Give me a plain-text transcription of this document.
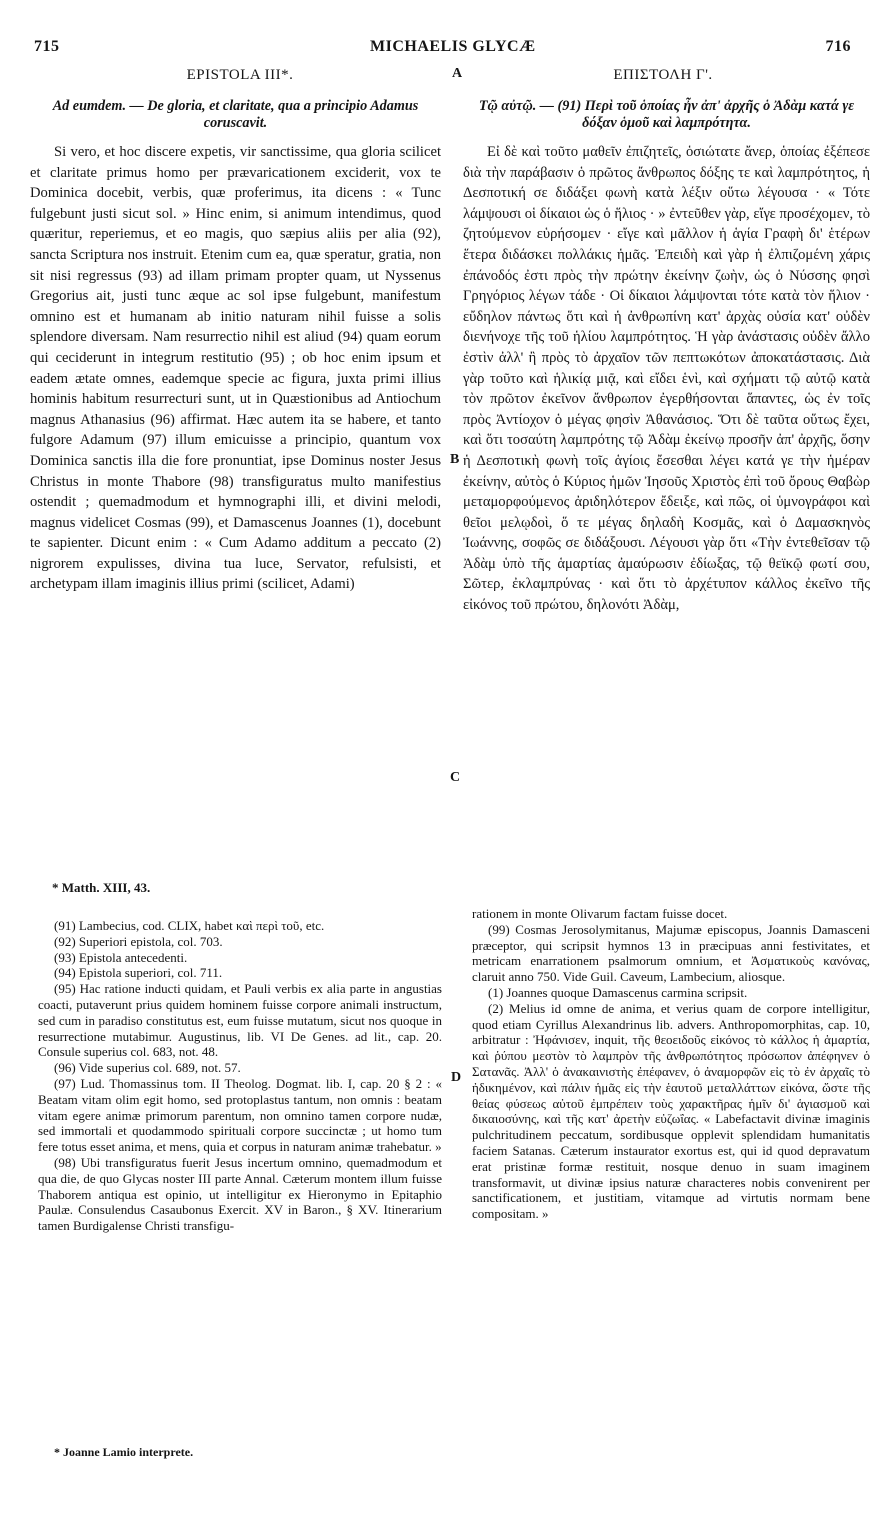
715	MICHAELIS GLYCÆ	716
EPISTOLA III*.	A	ΕΠΙΣΤΟΛΗ Γ'.
Ad eumdem. — De gloria, et claritate, qua a principio Adamus coruscavit.
Si vero, et hoc discere expetis, vir sanctissime, qua gloria scilicet et claritate primus homo per prævaricationem exciderit, vox te Dominica docebit, verbis, quæ proferimus, ita dicens : « Tunc fulgebunt justi sicut sol. » Hinc enim, si animum intendimus, quod quæritur, reperiemus, et eo magis, quo sæpius aliis per alia (92), sancta Scriptura nos instruit. Etenim cum ea, quæ speratur, gratia, non sit nisi regressus (93) ad illam primam propter quam, ut Nyssenus Gregorius ait, justi tunc æque ac sol ipse fulgebunt, manifestum omnino est et humanam ab initio naturam nihil fuisse a solis splendore diversam. Nam resurrectio nihil est aliud (94) quam eorum qui ceciderunt in integrum restitutio (95) ; ob hoc enim ipsum et eadem ætate omnes, eademque specie ac figura, juxta primi illius hominis habitum resurrecturi sunt, ut in Quæstionibus ad Antiochum magnus Athanasius (96) affirmat. Hæc autem ita se habere, et tanto fulgore Adamum (97) illum emicuisse a principio, quantum vox Dominica sanctis illa die fore pronuntiat, ipse Dominus noster Jesus Christus in monte Thabore (98) transfiguratus multo manifestius ostendit ; quemadmodum et hymnographi illi, et divini melodi, magnus videlicet Cosmas (99), et Damascenus Joannes (1), docebunt te sapienter. Dicunt enim : « Cum Adamo additum a peccato (2) nigrorem expulisses, divina tua luce, Servator, refulsisti, et archetypam illam imaginis illius primi (scilicet, Adami)
Τῷ αὐτῷ. — (91) Περὶ τοῦ ὁποίας ἦν ἀπ' ἀρχῆς ὁ Ἀδὰμ κατά γε δόξαν ὁμοῦ καὶ λαμπρότητα.
Εἰ δὲ καὶ τοῦτο μαθεῖν ἐπιζητεῖς, ὁσιώτατε ἄνερ, ὁποίας ἐξέπεσε διὰ τὴν παράβασιν ὁ πρῶτος ἄνθρωπος δόξης τε καὶ λαμπρότητος, ἡ Δεσποτική σε διδάξει φωνὴ κατὰ λέξιν οὕτω λέγουσα · « Τότε λάμψουσι οἱ δίκαιοι ὡς ὁ ἥλιος · » ἐντεῦθεν γὰρ, εἴγε προσέχομεν, τὸ ζητούμενον εὑρήσομεν · εἴγε καὶ μᾶλλον ἡ ἁγία Γραφὴ δι' ἑτέρων ἕτερα διδάσκει πολλάκις ἡμᾶς. Ἐπειδὴ καὶ γὰρ ἡ ἐλπιζομένη χάρις ἐπάνοδός ἐστι πρὸς τὴν πρώτην ἐκείνην ζωὴν, ὡς ὁ Νύσσης φησὶ Γρηγόριος λέγων τάδε · Οἱ δίκαιοι λάμψονται τότε κατὰ τὸν ἥλιον · εὔδηλον πάντως ὅτι καὶ ἡ ἀνθρωπίνη κατ' ἀρχὰς οὐσία κατ' οὐδὲν διενήνοχε τῆς τοῦ ἡλίου λαμπρότητος. Ἡ γὰρ ἀνάστασις οὐδὲν ἄλλο ἐστὶν ἀλλ' ἢ πρὸς τὸ ἀρχαῖον τῶν πεπτωκότων ἀποκατάστασις. Διὰ γὰρ τοῦτο καὶ ἡλικίᾳ μιᾷ, καὶ εἴδει ἑνὶ, καὶ σχήματι τῷ αὐτῷ κατὰ τὸν πρῶτον ἐκεῖνον ἄνθρωπον ἐγερθήσονται ἅπαντες, ὡς ἐν τοῖς πρὸς Ἀντίοχον ὁ μέγας φησὶν Ἀθανάσιος. Ὅτι δὲ ταῦτα οὕτως ἔχει, καὶ ὅτι τοσαύτη λαμπρότης τῷ Ἀδὰμ ἐκείνῳ προσῆν ἀπ' ἀρχῆς, ὅσην ἡ Δεσποτικὴ φωνὴ τοῖς ἁγίοις ἔσεσθαι λέγει κατά γε τὴν ἡμέραν ἐκείνην, αὐτὸς ὁ Κύριος ἡμῶν Ἰησοῦς Χριστὸς ἐπὶ τοῦ ὄρους Θαβὼρ μεταμορφούμενος ἀριδηλότερον ἔδειξε, καὶ πῶς, οἱ ὑμνογράφοι καὶ θεῖοι μελῳδοὶ, ὅ τε μέγας δηλαδὴ Κοσμᾶς, καὶ ὁ Δαμασκηνὸς Ἰωάννης, σοφῶς σε διδάξουσι. Λέγουσι γὰρ ὅτι «Τὴν ἐντεθεῖσαν τῷ Ἀδὰμ ὑπὸ τῆς ἁμαρτίας ἀμαύρωσιν ἐδίωξας, τῷ θεϊκῷ φωτί σου, Σῶτερ, ἐκλαμπρύνας · καὶ ὅτι τὸ ἀρχέτυπον κάλλος ἐκεῖνο τῆς εἰκόνος τοῦ πρώτου, δηλονότι Ἀδὰμ,
B
C
D
* Matth. XIII, 43.

(91) Lambecius, cod. CLIX, habet καὶ περὶ τοῦ, etc.

(92) Superiori epistola, col. 703.

(93) Epistola antecedenti.

(94) Epistola superiori, col. 711.

(95) Hac ratione inducti quidam, et Pauli verbis ex alia parte in angustias coacti, putaverunt prius quidem hominem fuisse corpore animali instructum, sed cum in paradiso constitutus est, eum fuisse mutatum, sicut nos quoque in resurrectione mutabimur. Augustinus, lib. VI De Genes. ad lit., cap. 20. Consule superius col. 683, not. 48.

(96) Vide superius col. 689, not. 57.

(97) Lud. Thomassinus tom. II Theolog. Dogmat. lib. I, cap. 20 § 2 : « Beatam vitam olim egit homo, sed protoplastus tantum, non omnis : beatam vitam egere animæ primorum parentum, non omnino tamen corpore nudæ, sed immortali et quodammodo spirituali corpore succinctæ ; ut homo tum fere totus esset anima, et mens, quia et corpus in naturam animæ trahebatur. »

(98) Ubi transfiguratus fuerit Jesus incertum omnino, quemadmodum et qua die, de quo Glycas noster III parte Annal. Cæterum montem illum fuisse Thaborem antiqua est opinio, ut intelligitur ex Hieronymo in Epitaphio Paulæ. Consulendus Casaubonus Exercit. XV in Baron., § XV. Itinerarium tamen Burdigalense Christi transfigu-

rationem in monte Olivarum factam fuisse docet.

(99) Cosmas Jerosolymitanus, Majumæ episcopus, Joannis Damasceni præceptor, qui scripsit hymnos 13 in præcipuas anni festivitates, et metricam enarrationem psalmorum omnium, et Ἀσματικοὺς κανόνας, claruit anno 750. Vide Guil. Caveum, Lambecium, aliosque.

(1) Joannes quoque Damascenus carmina scripsit.

(2) Melius id omne de anima, et verius quam de corpore intelligitur, quod etiam Cyrillus Alexandrinus lib. advers. Anthropomorphitas, cap. 10, arbitratur : Ἠφάνισεν, inquit, τῆς θεοειδοῦς εἰκόνος τὸ κάλλος ἡ ἁμαρτία, καὶ ῥύπου μεστὸν τὸ λαμπρὸν τῆς ἀνθρωπότητος πρόσωπον ἀπέφηνεν ὁ Σατανᾶς. Ἀλλ' ὁ ἀνακαινιστὴς ἐπέφανεν, ὁ ἀναμορφῶν εἰς τὸ ἐν ἀρχαῖς τὸ ἠδικημένον, καὶ πάλιν ἡμᾶς εἰς τὴν ἑαυτοῦ μεταλλάττων εἰκόνα, ὥστε τῆς θείας φύσεως αὐτοῦ ἐμπρέπειν τοὺς χαρακτῆρας ἡμῖν δι' ἁγιασμοῦ καὶ δικαιοσύνης, καὶ τῆς κατ' ἀρετὴν εὐζωΐας. « Labefactavit divinæ imaginis pulchritudinem peccatum, sordibusque opplevit splendidam humanitatis faciem Satanas. Cæterum instaurator exortus est, qui id quod depravatum erat pristinæ formæ restituit, nosque denuo in suam imaginem transformavit, ut divinæ ipsius naturæ characteres nobis convenirent per sanctificationem, et justitiam, vitamque ad virtutis normam bene compositam. »

* Joanne Lamio interprete.
